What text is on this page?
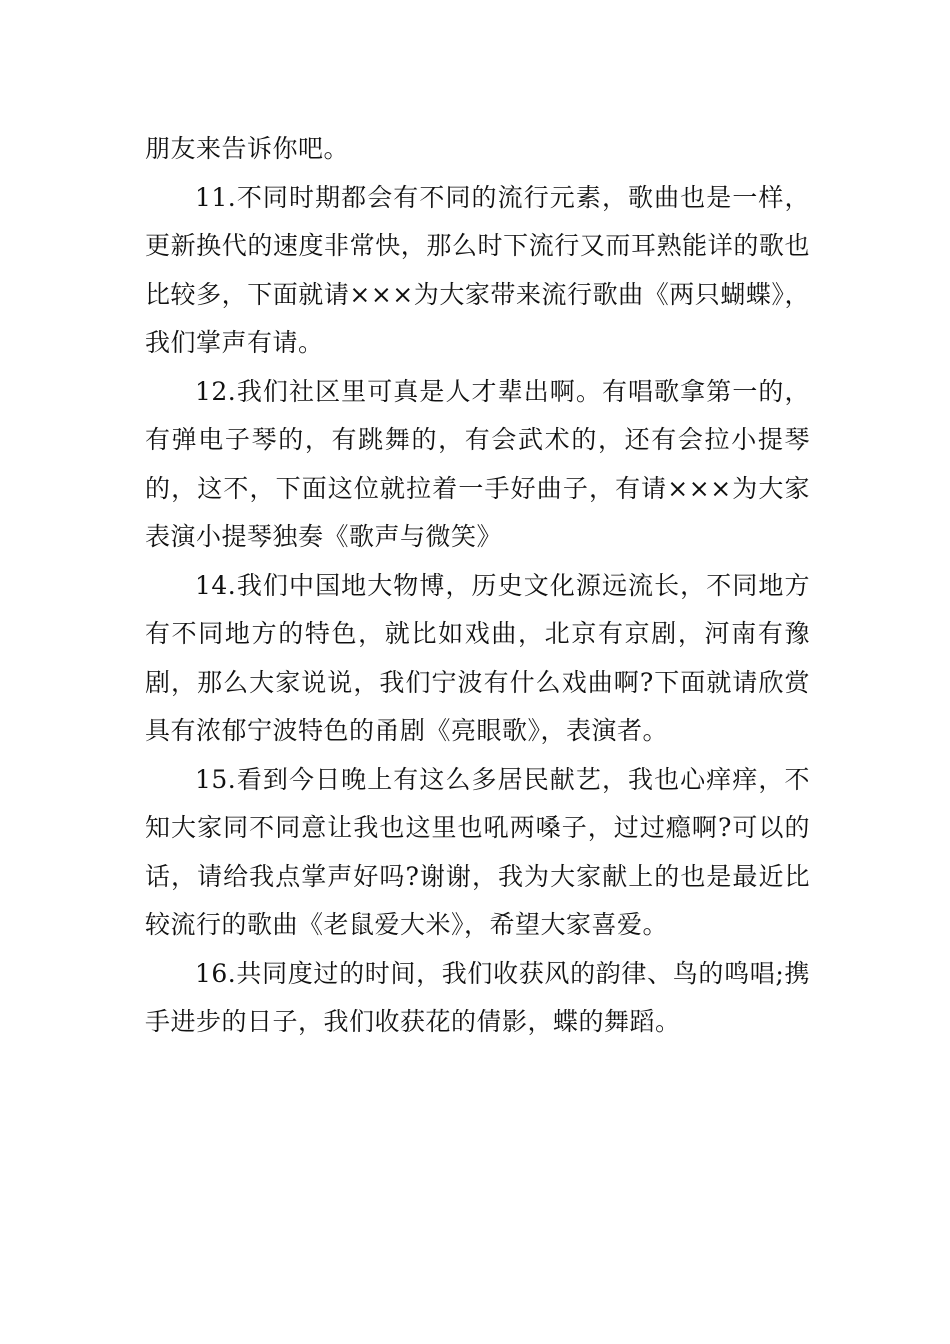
朋友来告诉你吧。

11.不同时期都会有不同的流行元素，歌曲也是一样，更新换代的速度非常快，那么时下流行又而耳熟能详的歌也比较多，下面就请×××为大家带来流行歌曲《两只蝴蝶》，我们掌声有请。

12.我们社区里可真是人才辈出啊。有唱歌拿第一的，有弹电子琴的，有跳舞的，有会武术的，还有会拉小提琴的，这不，下面这位就拉着一手好曲子，有请×××为大家表演小提琴独奏《歌声与微笑》

14.我们中国地大物博，历史文化源远流长，不同地方有不同地方的特色，就比如戏曲，北京有京剧，河南有豫剧，那么大家说说，我们宁波有什么戏曲啊?下面就请欣赏具有浓郁宁波特色的甬剧《亮眼歌》，表演者。

15.看到今日晚上有这么多居民献艺，我也心痒痒，不知大家同不同意让我也这里也吼两嗓子，过过瘾啊?可以的话，请给我点掌声好吗?谢谢，我为大家献上的也是最近比较流行的歌曲《老鼠爱大米》，希望大家喜爱。

16.共同度过的时间，我们收获风的韵律、鸟的鸣唱;携手进步的日子，我们收获花的倩影，蝶的舞蹈。
